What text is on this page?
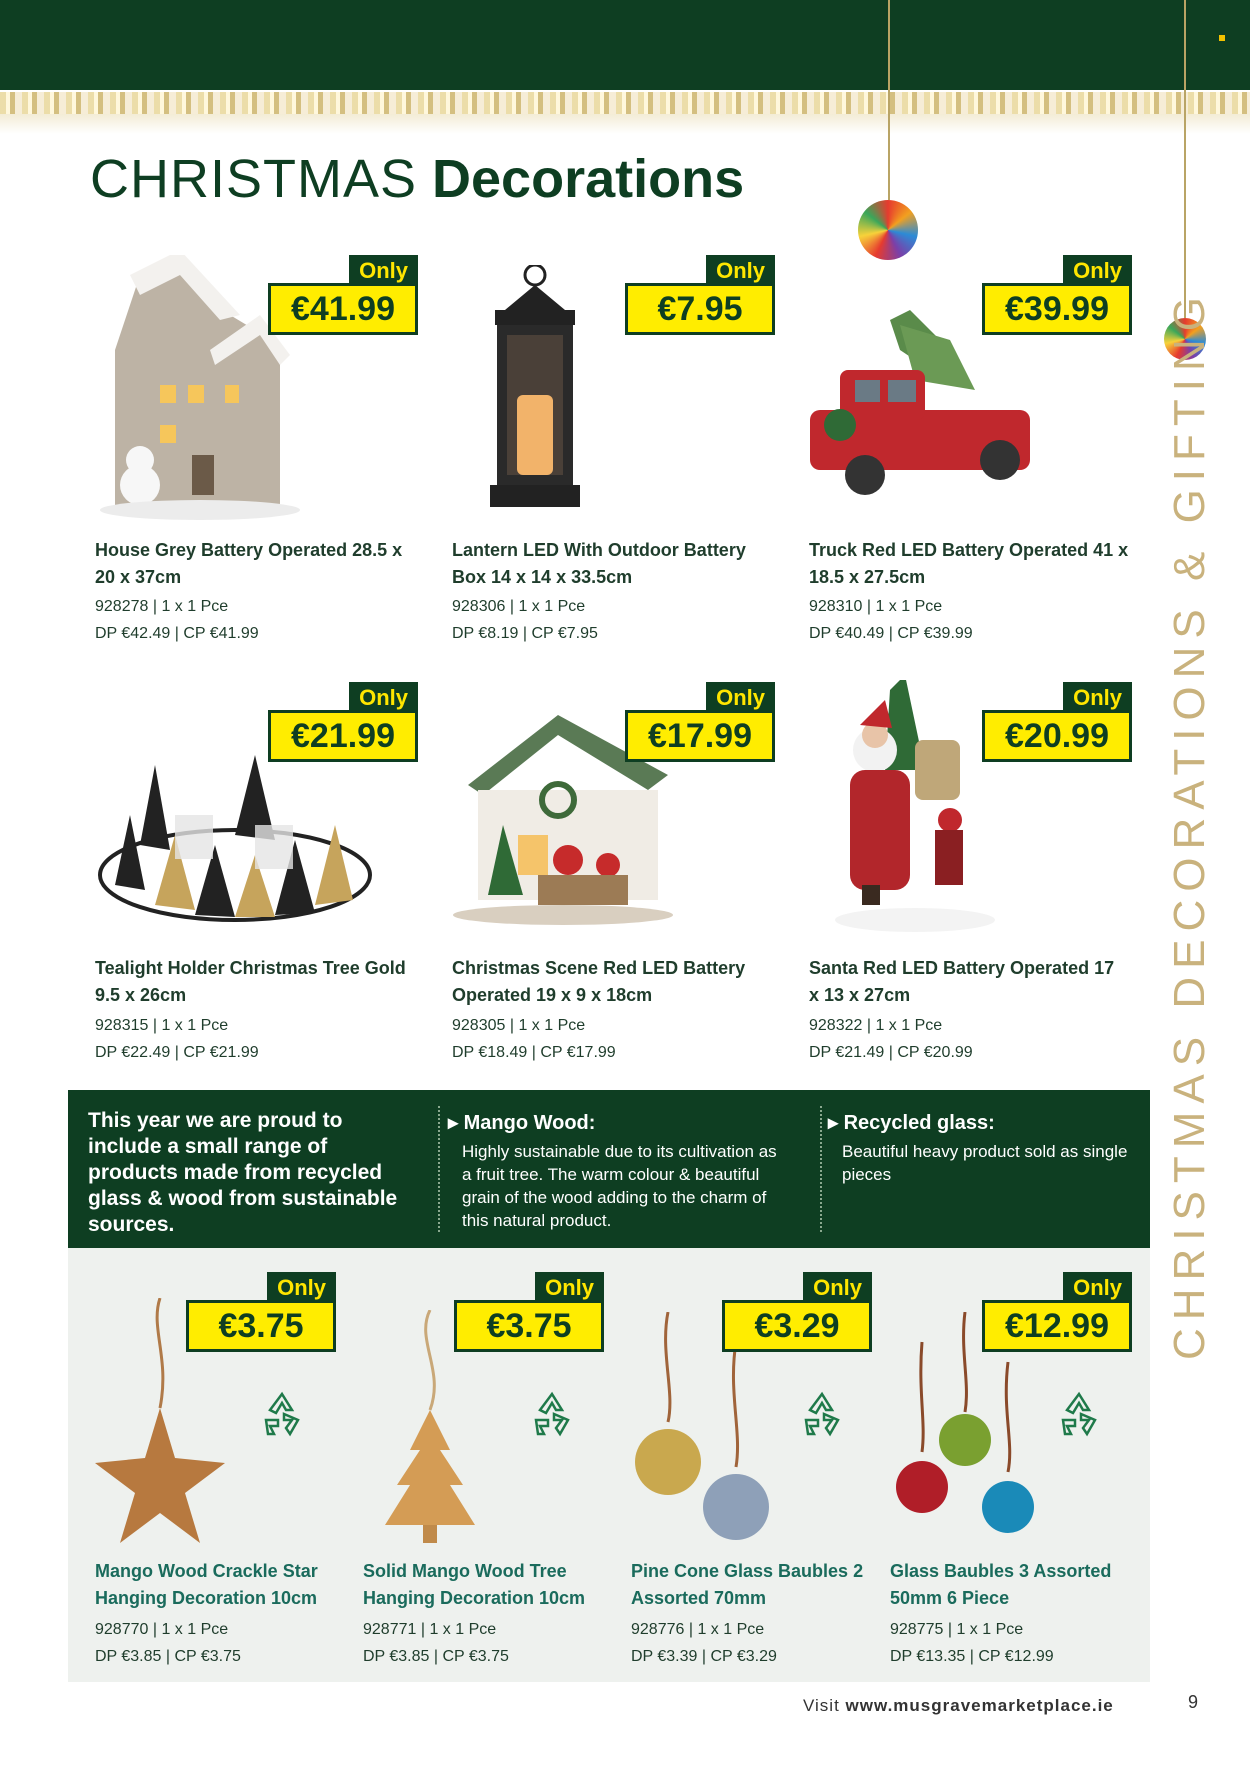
CHRISTMAS Decorations
CHRISTMAS DECORATIONS & GIFTING
Only
€41.99
House Grey Battery Operated 28.5 x 20 x 37cm
928278 | 1 x 1 Pce
DP €42.49 | CP €41.99
Only
€7.95
Lantern LED With Outdoor Battery Box 14 x 14 x 33.5cm
928306 | 1 x 1 Pce
DP €8.19 | CP €7.95
Only
€39.99
Truck Red LED Battery Operated 41 x 18.5 x 27.5cm
928310 | 1 x 1 Pce
DP €40.49 | CP €39.99
Only
€21.99
Tealight Holder Christmas Tree Gold 9.5 x 26cm
928315 | 1 x 1 Pce
DP €22.49 | CP €21.99
Only
€17.99
Christmas Scene Red LED Battery Operated 19 x 9 x 18cm
928305 | 1 x 1 Pce
DP €18.49 | CP €17.99
Only
€20.99
Santa Red LED Battery Operated 17 x 13 x 27cm
928322 | 1 x 1 Pce
DP €21.49 | CP €20.99
This year we are proud to include a small range of products made from recycled glass & wood from sustainable sources.
▸ Mango Wood:

Highly sustainable due to its cultivation as a fruit tree. The warm colour & beautiful grain of the wood adding to the charm of this natural product.

▸ Recycled glass:

Beautiful heavy product sold as single pieces

Only
€3.75
Mango Wood Crackle Star Hanging Decoration 10cm
928770 | 1 x 1 Pce
DP €3.85 | CP €3.75
Only
€3.75
Solid Mango Wood Tree Hanging Decoration 10cm
928771 | 1 x 1 Pce
DP €3.85 | CP €3.75
Only
€3.29
Pine Cone Glass Baubles 2 Assorted 70mm
928776 | 1 x 1 Pce
DP €3.39 | CP €3.29
Only
€12.99
Glass Baubles 3 Assorted 50mm 6 Piece
928775 | 1 x 1 Pce
DP €13.35 | CP €12.99
Visit www.musgravemarketplace.ie	9
